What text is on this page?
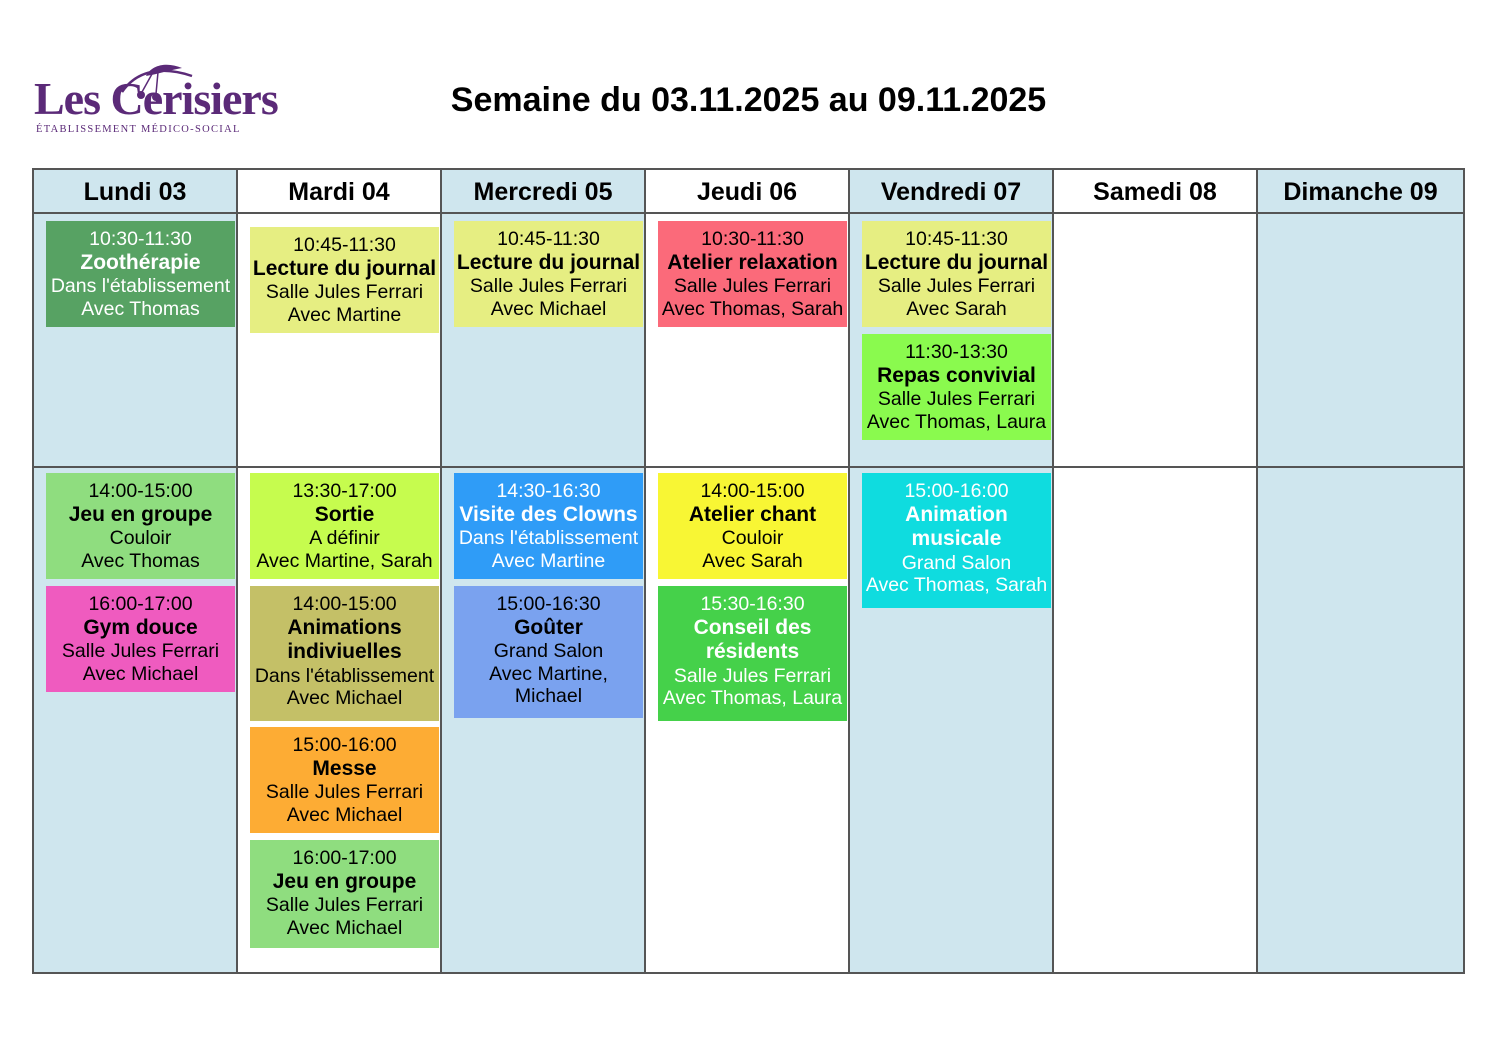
Les Cerisiers
ÉTABLISSEMENT MÉDICO-SOCIAL
Semaine du 03.11.2025 au 09.11.2025
Lundi 03
10:30-11:30
Zoothérapie
Dans l'établissement
Avec Thomas
14:00-15:00
Jeu en groupe
Couloir
Avec Thomas
16:00-17:00
Gym douce
Salle Jules Ferrari
Avec Michael
Mardi 04
10:45-11:30
Lecture du journal
Salle Jules Ferrari
Avec Martine
13:30-17:00
Sortie
A définir
Avec Martine, Sarah
14:00-15:00
Animations indiviuelles
Dans l'établissement
Avec Michael
15:00-16:00
Messe
Salle Jules Ferrari
Avec Michael
16:00-17:00
Jeu en groupe
Salle Jules Ferrari
Avec Michael
Mercredi 05
10:45-11:30
Lecture du journal
Salle Jules Ferrari
Avec Michael
14:30-16:30
Visite des Clowns
Dans l'établissement
Avec Martine
15:00-16:30
Goûter
Grand Salon
Avec Martine, Michael
Jeudi 06
10:30-11:30
Atelier relaxation
Salle Jules Ferrari
Avec Thomas, Sarah
14:00-15:00
Atelier chant
Couloir
Avec Sarah
15:30-16:30
Conseil des résidents
Salle Jules Ferrari
Avec Thomas, Laura
Vendredi 07
10:45-11:30
Lecture du journal
Salle Jules Ferrari
Avec Sarah
11:30-13:30
Repas convivial
Salle Jules Ferrari
Avec Thomas, Laura
15:00-16:00
Animation musicale
Grand Salon
Avec Thomas, Sarah
Samedi 08	Dimanche 09
